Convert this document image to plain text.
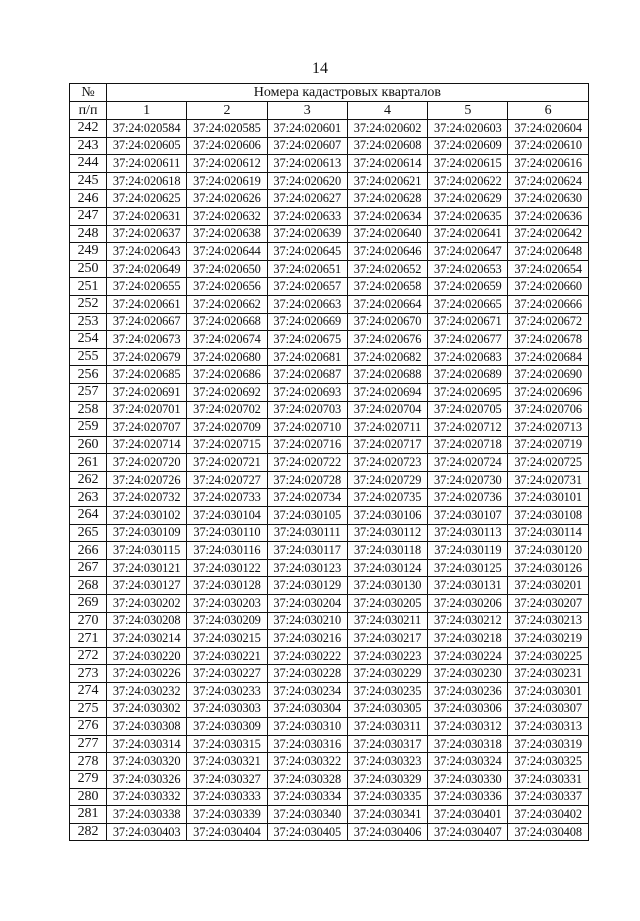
14
№	Номера кадастровых кварталов					
п/п	1	2	3	4	5	6
242	37:24:020584	37:24:020585	37:24:020601	37:24:020602	37:24:020603	37:24:020604
243	37:24:020605	37:24:020606	37:24:020607	37:24:020608	37:24:020609	37:24:020610
244	37:24:020611	37:24:020612	37:24:020613	37:24:020614	37:24:020615	37:24:020616
245	37:24:020618	37:24:020619	37:24:020620	37:24:020621	37:24:020622	37:24:020624
246	37:24:020625	37:24:020626	37:24:020627	37:24:020628	37:24:020629	37:24:020630
247	37:24:020631	37:24:020632	37:24:020633	37:24:020634	37:24:020635	37:24:020636
248	37:24:020637	37:24:020638	37:24:020639	37:24:020640	37:24:020641	37:24:020642
249	37:24:020643	37:24:020644	37:24:020645	37:24:020646	37:24:020647	37:24:020648
250	37:24:020649	37:24:020650	37:24:020651	37:24:020652	37:24:020653	37:24:020654
251	37:24:020655	37:24:020656	37:24:020657	37:24:020658	37:24:020659	37:24:020660
252	37:24:020661	37:24:020662	37:24:020663	37:24:020664	37:24:020665	37:24:020666
253	37:24:020667	37:24:020668	37:24:020669	37:24:020670	37:24:020671	37:24:020672
254	37:24:020673	37:24:020674	37:24:020675	37:24:020676	37:24:020677	37:24:020678
255	37:24:020679	37:24:020680	37:24:020681	37:24:020682	37:24:020683	37:24:020684
256	37:24:020685	37:24:020686	37:24:020687	37:24:020688	37:24:020689	37:24:020690
257	37:24:020691	37:24:020692	37:24:020693	37:24:020694	37:24:020695	37:24:020696
258	37:24:020701	37:24:020702	37:24:020703	37:24:020704	37:24:020705	37:24:020706
259	37:24:020707	37:24:020709	37:24:020710	37:24:020711	37:24:020712	37:24:020713
260	37:24:020714	37:24:020715	37:24:020716	37:24:020717	37:24:020718	37:24:020719
261	37:24:020720	37:24:020721	37:24:020722	37:24:020723	37:24:020724	37:24:020725
262	37:24:020726	37:24:020727	37:24:020728	37:24:020729	37:24:020730	37:24:020731
263	37:24:020732	37:24:020733	37:24:020734	37:24:020735	37:24:020736	37:24:030101
264	37:24:030102	37:24:030104	37:24:030105	37:24:030106	37:24:030107	37:24:030108
265	37:24:030109	37:24:030110	37:24:030111	37:24:030112	37:24:030113	37:24:030114
266	37:24:030115	37:24:030116	37:24:030117	37:24:030118	37:24:030119	37:24:030120
267	37:24:030121	37:24:030122	37:24:030123	37:24:030124	37:24:030125	37:24:030126
268	37:24:030127	37:24:030128	37:24:030129	37:24:030130	37:24:030131	37:24:030201
269	37:24:030202	37:24:030203	37:24:030204	37:24:030205	37:24:030206	37:24:030207
270	37:24:030208	37:24:030209	37:24:030210	37:24:030211	37:24:030212	37:24:030213
271	37:24:030214	37:24:030215	37:24:030216	37:24:030217	37:24:030218	37:24:030219
272	37:24:030220	37:24:030221	37:24:030222	37:24:030223	37:24:030224	37:24:030225
273	37:24:030226	37:24:030227	37:24:030228	37:24:030229	37:24:030230	37:24:030231
274	37:24:030232	37:24:030233	37:24:030234	37:24:030235	37:24:030236	37:24:030301
275	37:24:030302	37:24:030303	37:24:030304	37:24:030305	37:24:030306	37:24:030307
276	37:24:030308	37:24:030309	37:24:030310	37:24:030311	37:24:030312	37:24:030313
277	37:24:030314	37:24:030315	37:24:030316	37:24:030317	37:24:030318	37:24:030319
278	37:24:030320	37:24:030321	37:24:030322	37:24:030323	37:24:030324	37:24:030325
279	37:24:030326	37:24:030327	37:24:030328	37:24:030329	37:24:030330	37:24:030331
280	37:24:030332	37:24:030333	37:24:030334	37:24:030335	37:24:030336	37:24:030337
281	37:24:030338	37:24:030339	37:24:030340	37:24:030341	37:24:030401	37:24:030402
282	37:24:030403	37:24:030404	37:24:030405	37:24:030406	37:24:030407	37:24:030408
